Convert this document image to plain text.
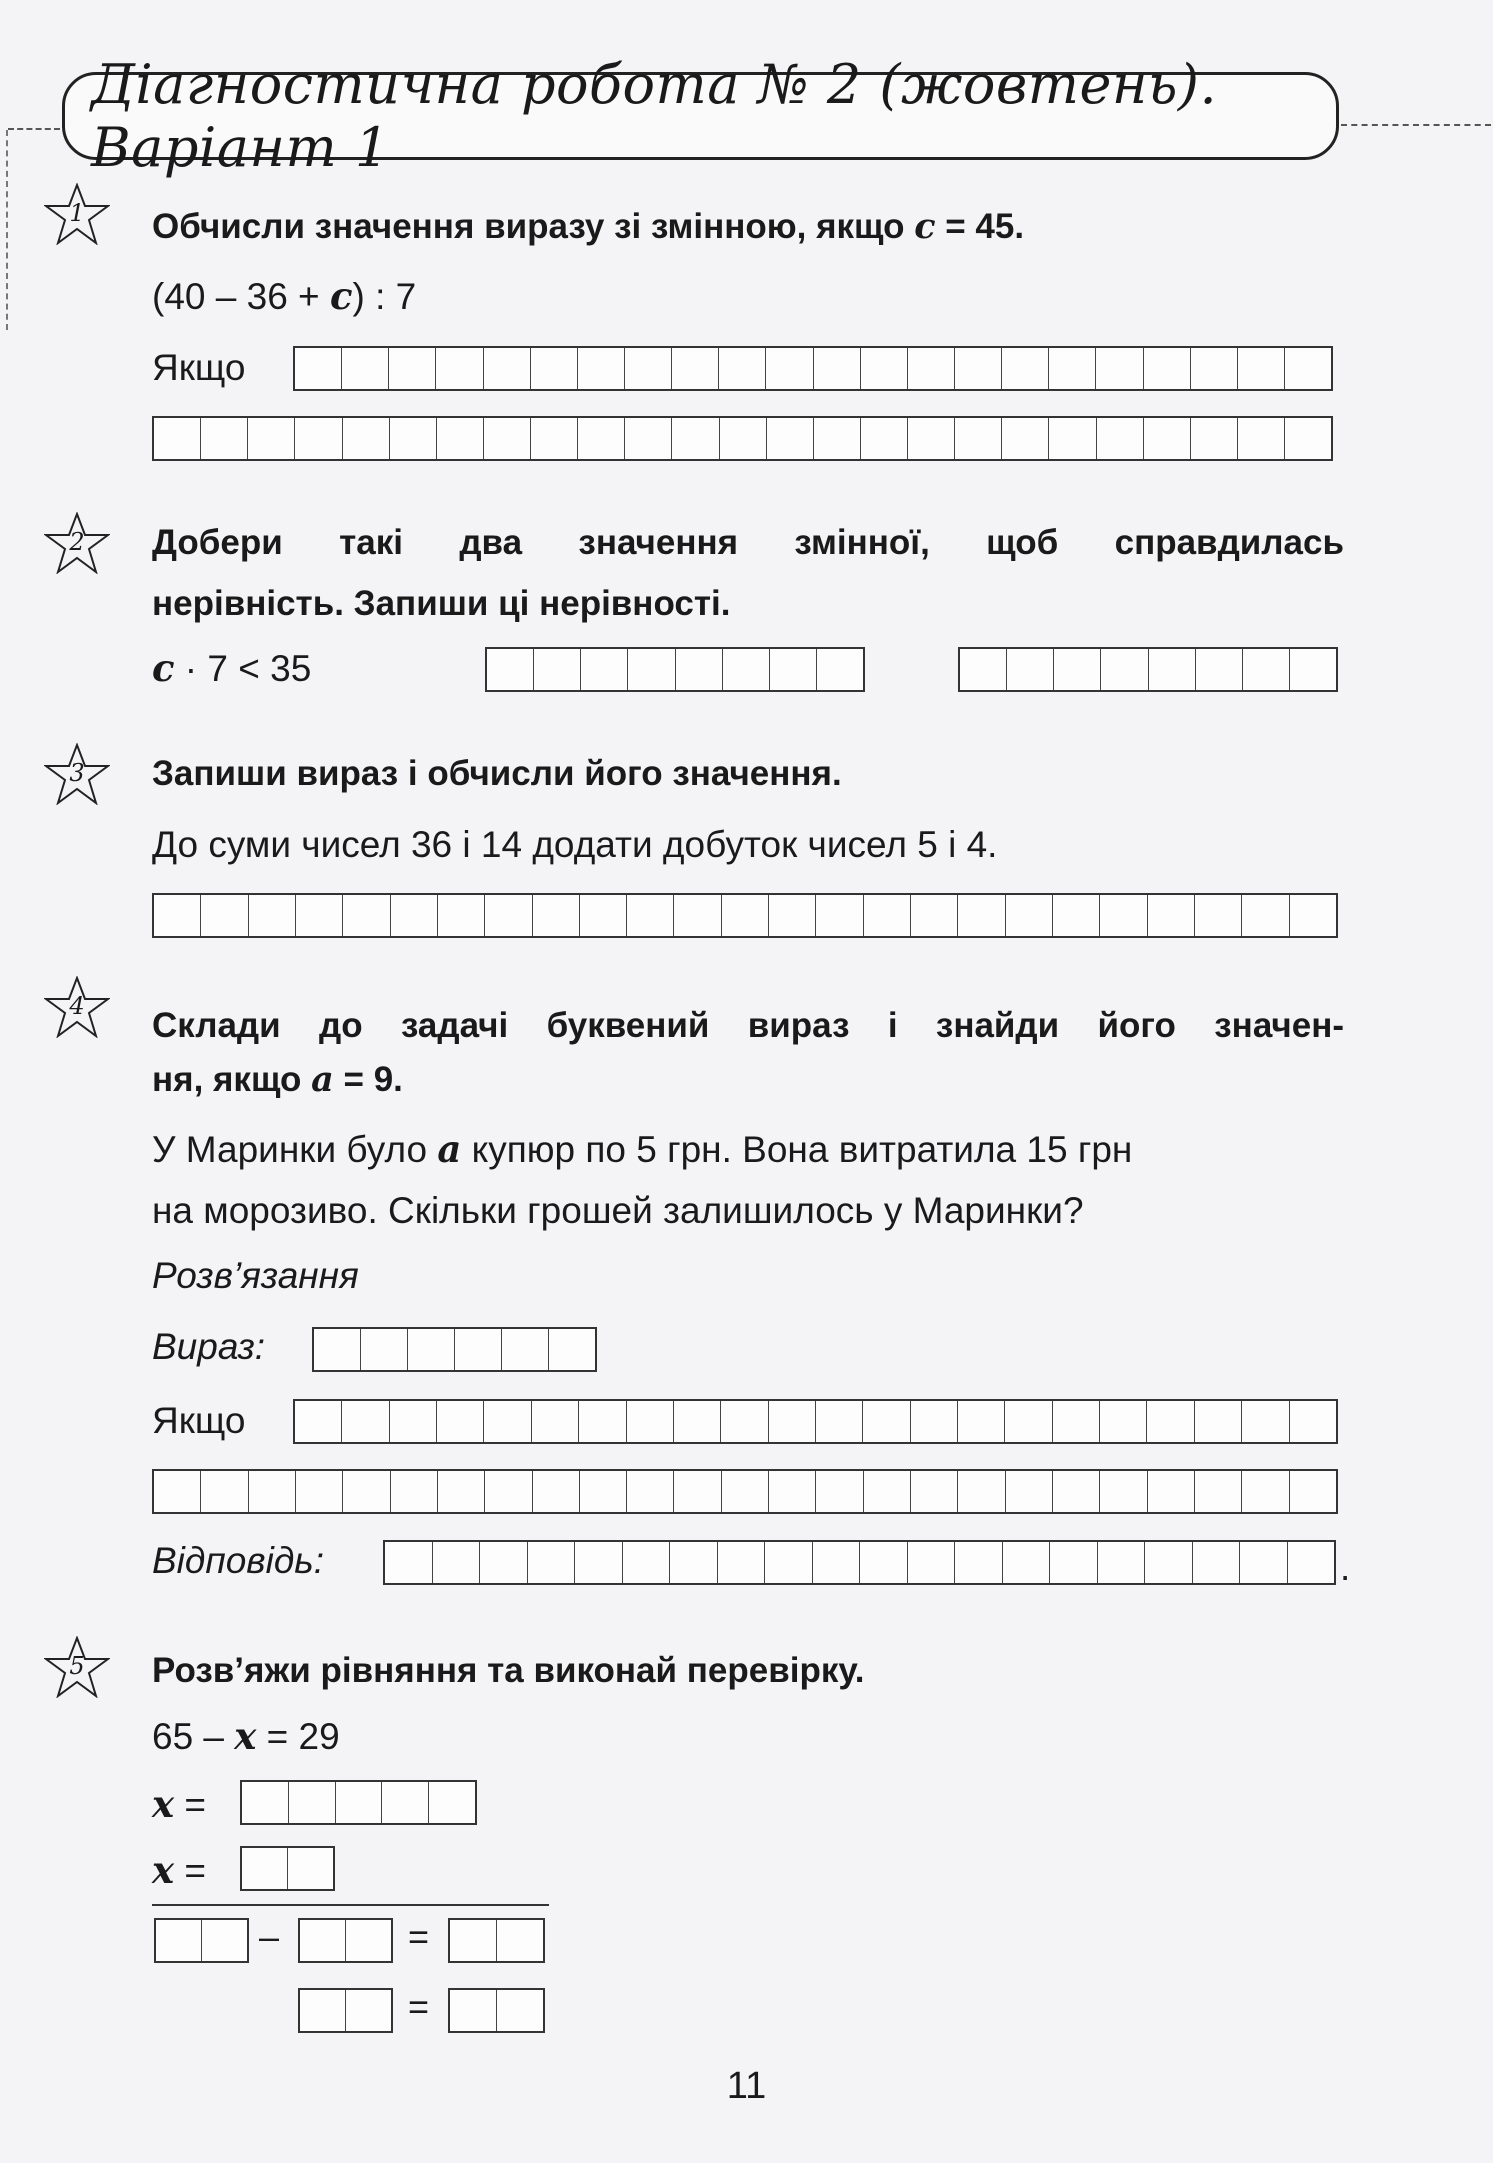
Діагностична робота № 2 (жовтень). Варіант 1
1	Обчисли значення виразу зі змінною, якщо c = 45.
(40 – 36 + c) : 7
Якщо
2	Добери такі два значення змінної, щоб справдилась
нерівність. Запиши ці нерівності.
c · 7 < 35
3	Запиши вираз і обчисли його значення.
До суми чисел 36 і 14 додати добуток чисел 5 і 4.
4	Склади до задачі буквений вираз і знайди його значен-
ня, якщо a = 9.
У Маринки було a купюр по 5 грн. Вона витратила 15 грн
на морозиво. Скільки грошей залишилось у Маринки?
Розв’язання
Вираз:
Якщо
Відповідь:	.
5	Розв’яжи рівняння та виконай перевірку.
65 – x = 29
x =
x =
–	=
=
11
